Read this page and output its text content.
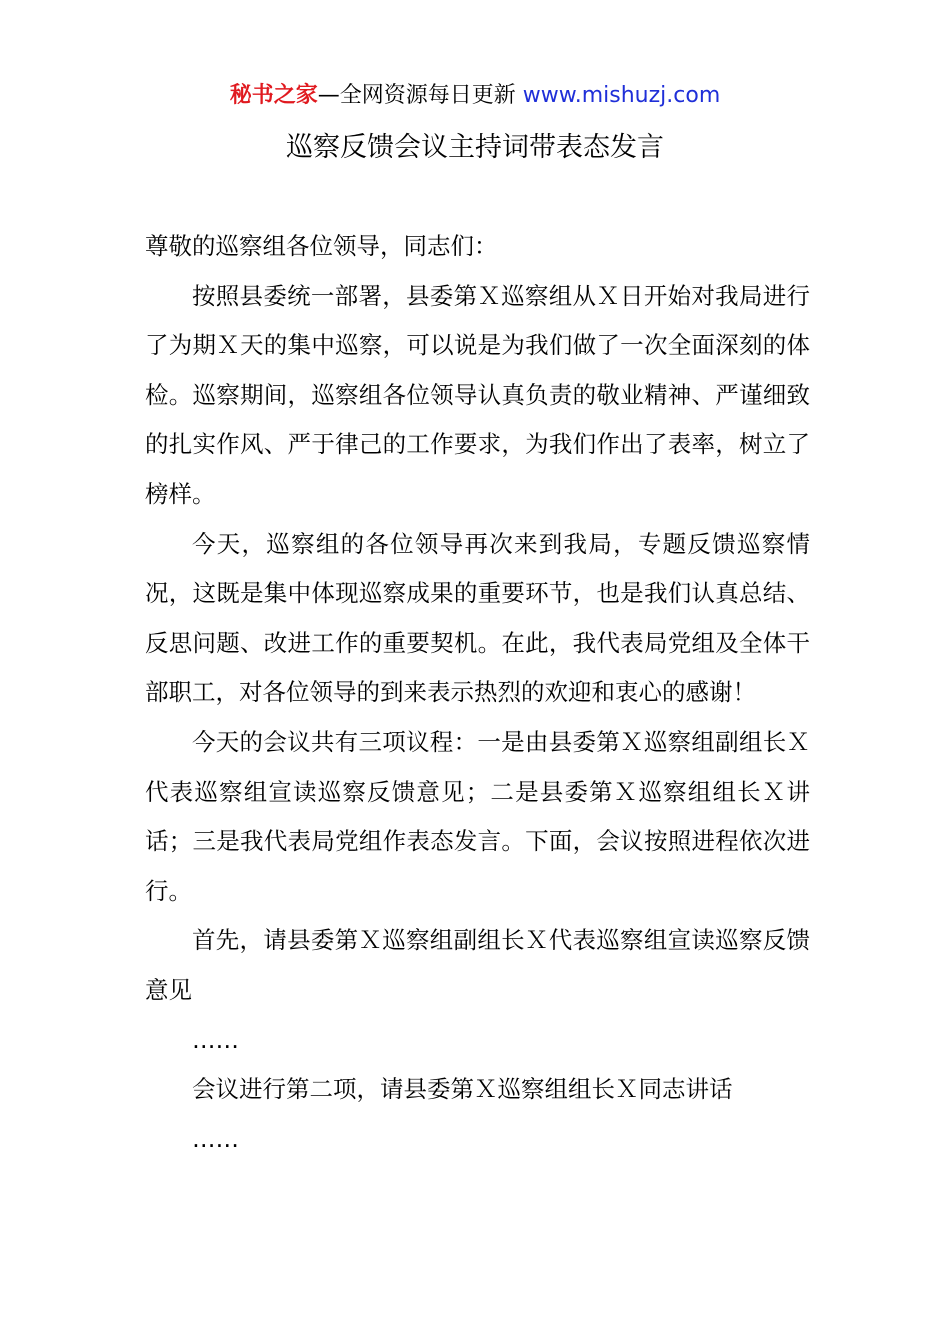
秘书之家—全网资源每日更新 www.mishuzj.com
巡察反馈会议主持词带表态发言

尊敬的巡察组各位领导，同志们：

按照县委统一部署，县委第Ｘ巡察组从Ｘ日开始对我局进行了为期Ｘ天的集中巡察，可以说是为我们做了一次全面深刻的体检。巡察期间，巡察组各位领导认真负责的敬业精神、严谨细致的扎实作风、严于律己的工作要求，为我们作出了表率，树立了榜样。

今天，巡察组的各位领导再次来到我局，专题反馈巡察情况，这既是集中体现巡察成果的重要环节，也是我们认真总结、反思问题、改进工作的重要契机。在此，我代表局党组及全体干部职工，对各位领导的到来表示热烈的欢迎和衷心的感谢！

今天的会议共有三项议程：一是由县委第Ｘ巡察组副组长Ｘ代表巡察组宣读巡察反馈意见；二是县委第Ｘ巡察组组长Ｘ讲话；三是我代表局党组作表态发言。下面，会议按照进程依次进行。

首先，请县委第Ｘ巡察组副组长Ｘ代表巡察组宣读巡察反馈意见

……

会议进行第二项，请县委第Ｘ巡察组组长Ｘ同志讲话

……
